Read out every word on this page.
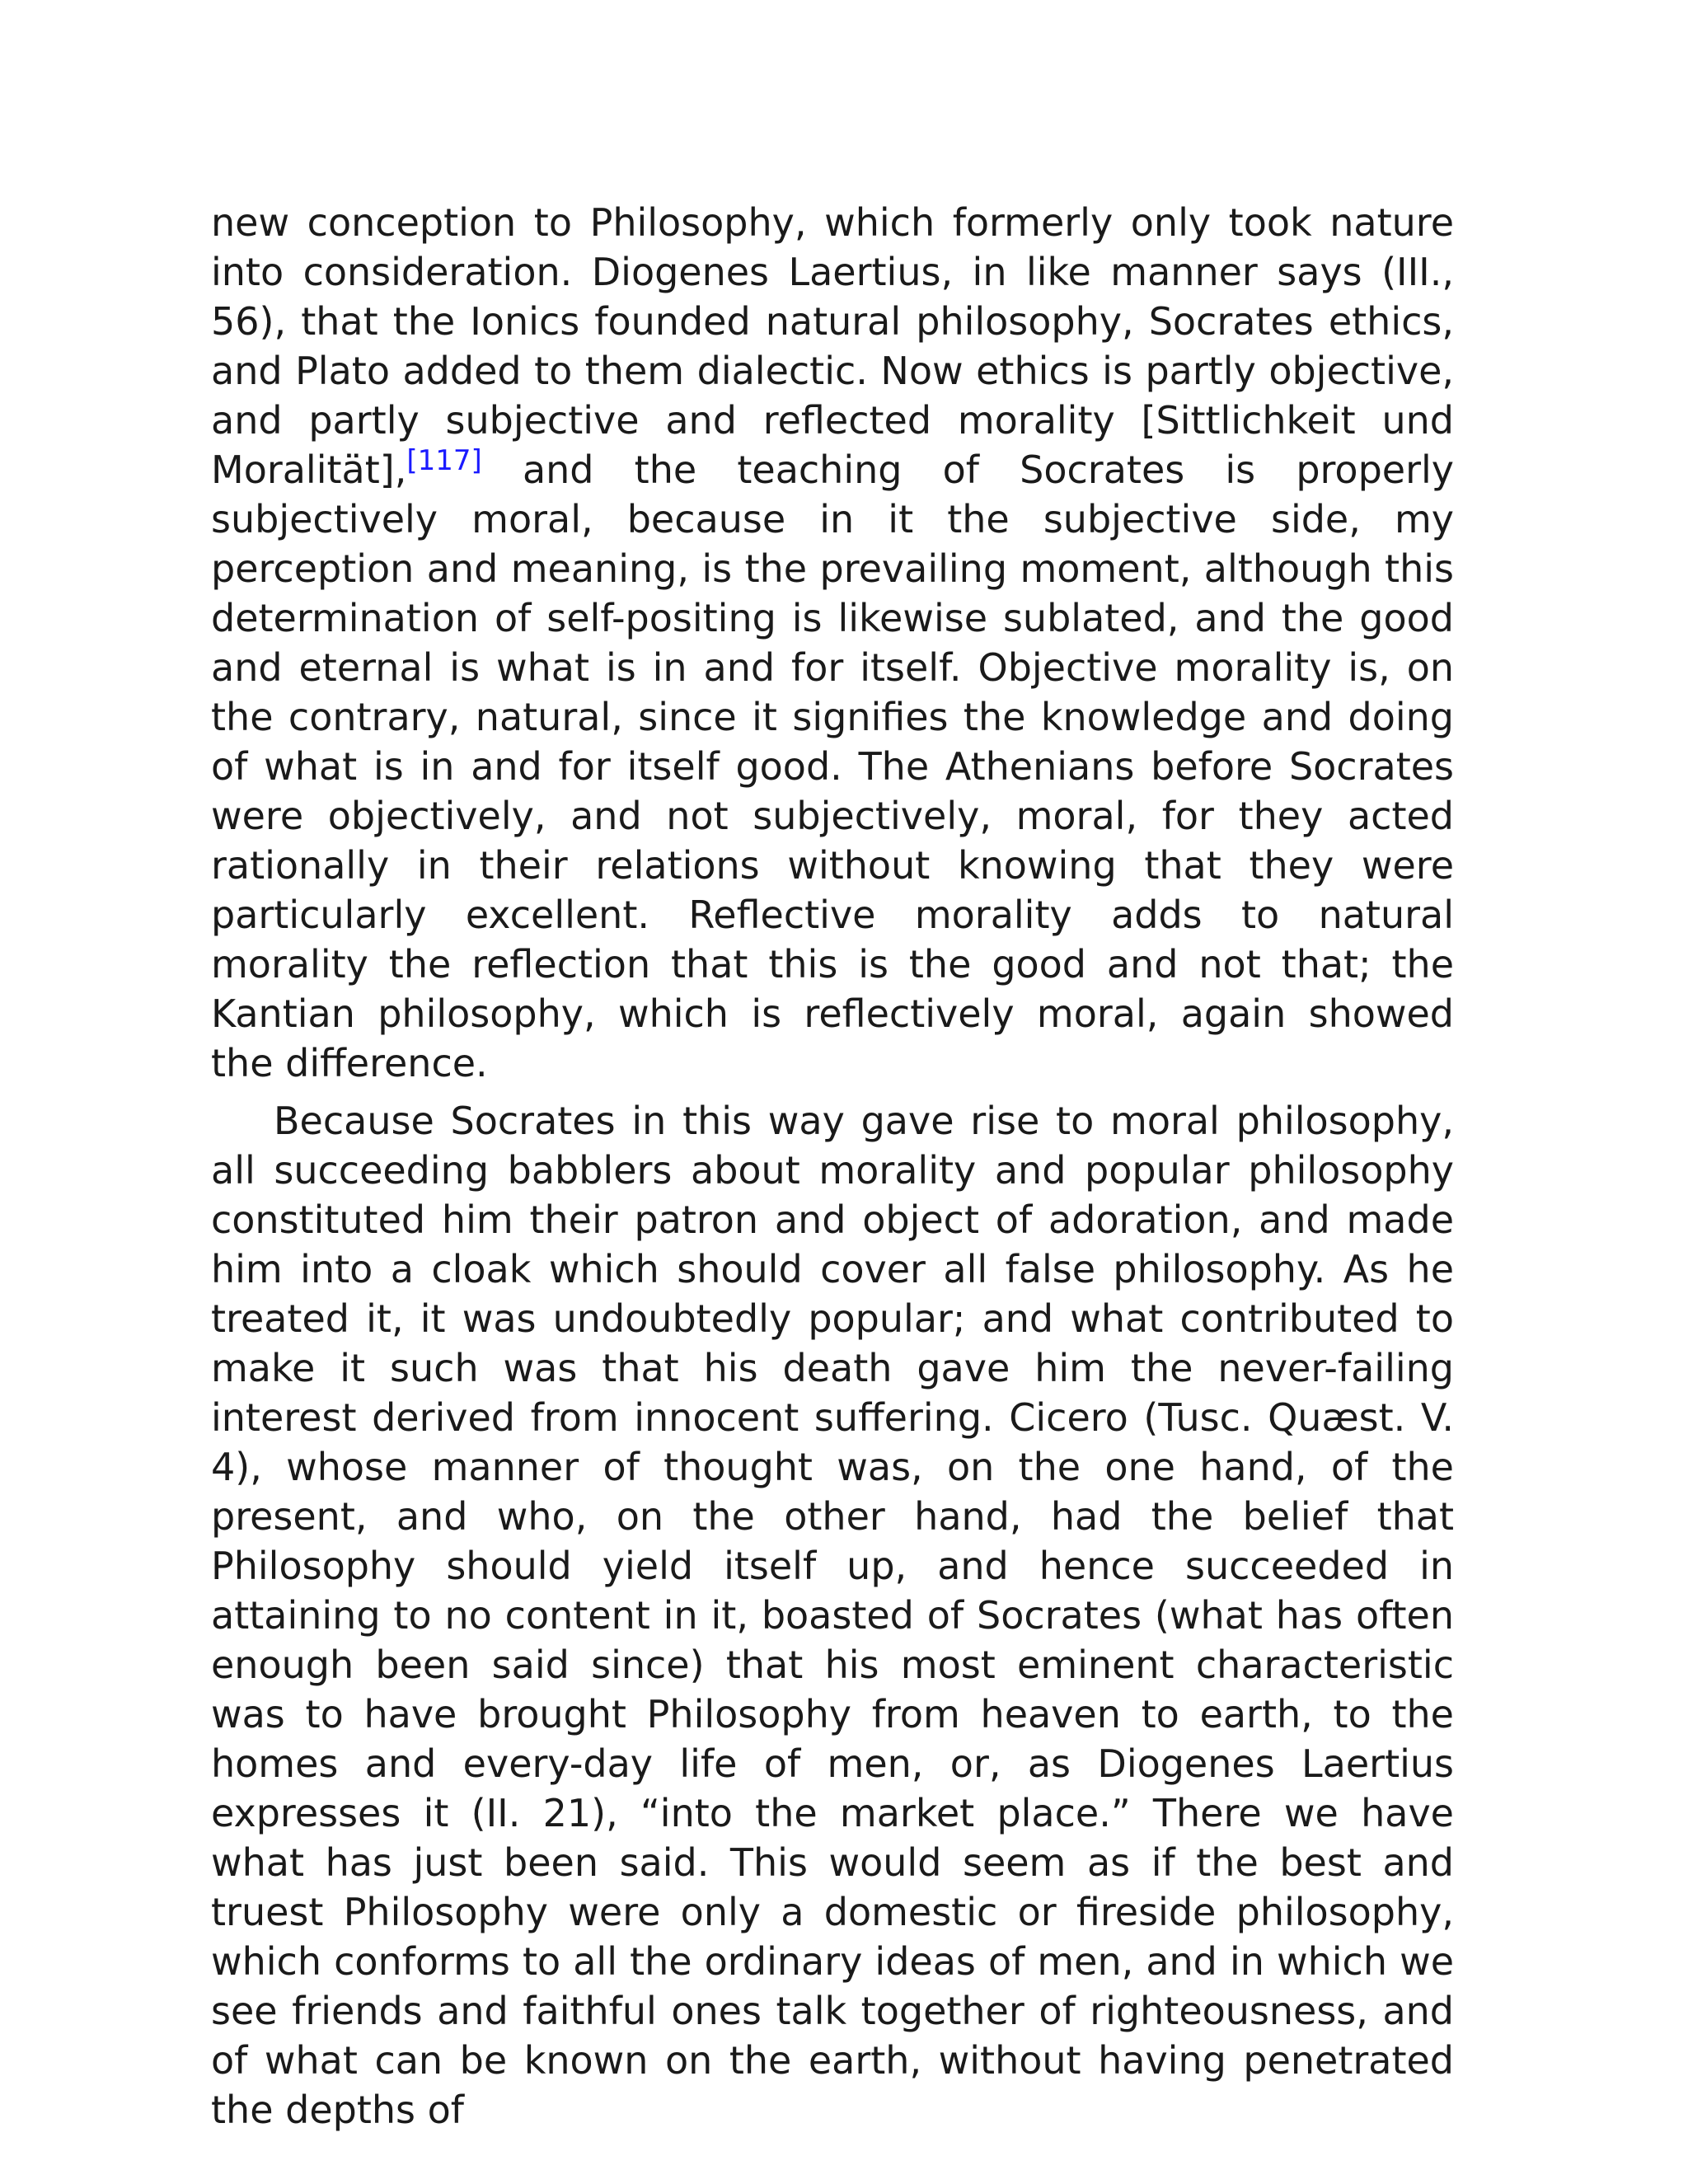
new conception to Philosophy, which formerly only took nature into consideration. Diogenes Laertius, in like manner says (III., 56), that the Ionics founded natural philosophy, Socrates ethics, and Plato added to them dialectic. Now ethics is partly objective, and partly subjective and reflected morality [Sittlichkeit und Moralität],[117] and the teaching of Socrates is properly subjectively moral, because in it the subjective side, my perception and meaning, is the prevailing moment, although this determination of self-positing is likewise sublated, and the good and eternal is what is in and for itself. Objective morality is, on the contrary, natural, since it signifies the knowledge and doing of what is in and for itself good. The Athenians before Socrates were objectively, and not subjectively, moral, for they acted rationally in their relations without knowing that they were particularly excellent. Reflective morality adds to natural morality the reflection that this is the good and not that; the Kantian philosophy, which is reflectively moral, again showed the difference.

Because Socrates in this way gave rise to moral philosophy, all succeeding babblers about morality and popular philosophy constituted him their patron and object of adoration, and made him into a cloak which should cover all false philosophy. As he treated it, it was undoubtedly popular; and what contributed to make it such was that his death gave him the never-failing interest derived from innocent suffering. Cicero (Tusc. Quæst. V. 4), whose manner of thought was, on the one hand, of the present, and who, on the other hand, had the belief that Philosophy should yield itself up, and hence succeeded in attaining to no content in it, boasted of Socrates (what has often enough been said since) that his most eminent characteristic was to have brought Philosophy from heaven to earth, to the homes and every-day life of men, or, as Diogenes Laertius expresses it (II. 21), “into the market place.” There we have what has just been said. This would seem as if the best and truest Philosophy were only a domestic or fireside philosophy, which conforms to all the ordinary ideas of men, and in which we see friends and faithful ones talk together of righteousness, and of what can be known on the earth, without having penetrated the depths of
